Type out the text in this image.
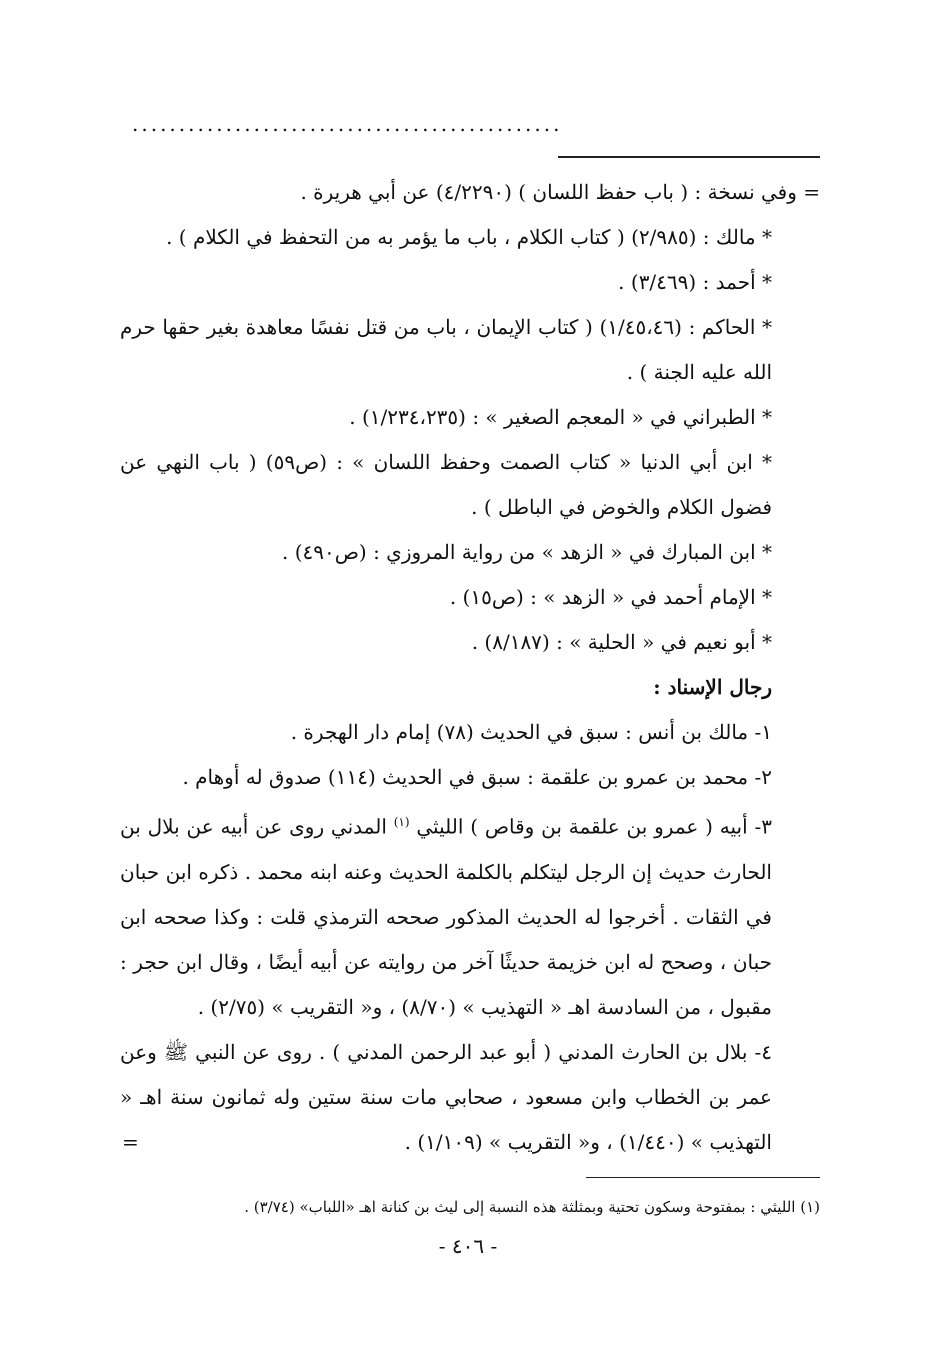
..............................................

= وفي نسخة : ( باب حفظ اللسان ) (٤/٢٢٩٠) عن أبي هريرة .

* مالك : (٢/٩٨٥) ( كتاب الكلام ، باب ما يؤمر به من التحفظ في الكلام ) .

* أحمد : (٣/٤٦٩) .

* الحاكم : (١/٤٥،٤٦) ( كتاب الإيمان ، باب من قتل نفسًا معاهدة بغير حقها حرم الله عليه الجنة ) .

* الطبراني في « المعجم الصغير » : (١/٢٣٤،٢٣٥) .

* ابن أبي الدنيا « كتاب الصمت وحفظ اللسان » : (ص٥٩) ( باب النهي عن فضول الكلام والخوض في الباطل ) .

* ابن المبارك في « الزهد » من رواية المروزي : (ص٤٩٠) .

* الإمام أحمد في « الزهد » : (ص١٥) .

* أبو نعيم في « الحلية » : (٨/١٨٧) .

رجال الإسناد :

١- مالك بن أنس : سبق في الحديث (٧٨) إمام دار الهجرة .

٢- محمد بن عمرو بن علقمة : سبق في الحديث (١١٤) صدوق له أوهام .

٣- أبيه ( عمرو بن علقمة بن وقاص ) الليثي $^{(١)}$ المدني روى عن أبيه عن بلال بن الحارث حديث إن الرجل ليتكلم بالكلمة الحديث وعنه ابنه محمد . ذكره ابن حبان في الثقات . أخرجوا له الحديث المذكور صححه الترمذي قلت : وكذا صححه ابن حبان ، وصحح له ابن خزيمة حديثًا آخر من روايته عن أبيه أيضًا ، وقال ابن حجر : مقبول ، من السادسة اهـ « التهذيب » (٨/٧٠) ، و« التقريب » (٢/٧٥) .

٤- بلال بن الحارث المدني ( أبو عبد الرحمن المدني ) . روى عن النبي ﷺ وعن عمر بن الخطاب وابن مسعود ، صحابي مات سنة ستين وله ثمانون سنة اهـ « التهذيب » (١/٤٤٠) ، و« التقريب » (١/١٠٩) .

=
(١) الليثي : بمفتوحة وسكون تحتية وبمثلثة هذه النسبة إلى ليث بن كنانة اهـ «اللباب» (٣/٧٤) .
- ٤٠٦ -
